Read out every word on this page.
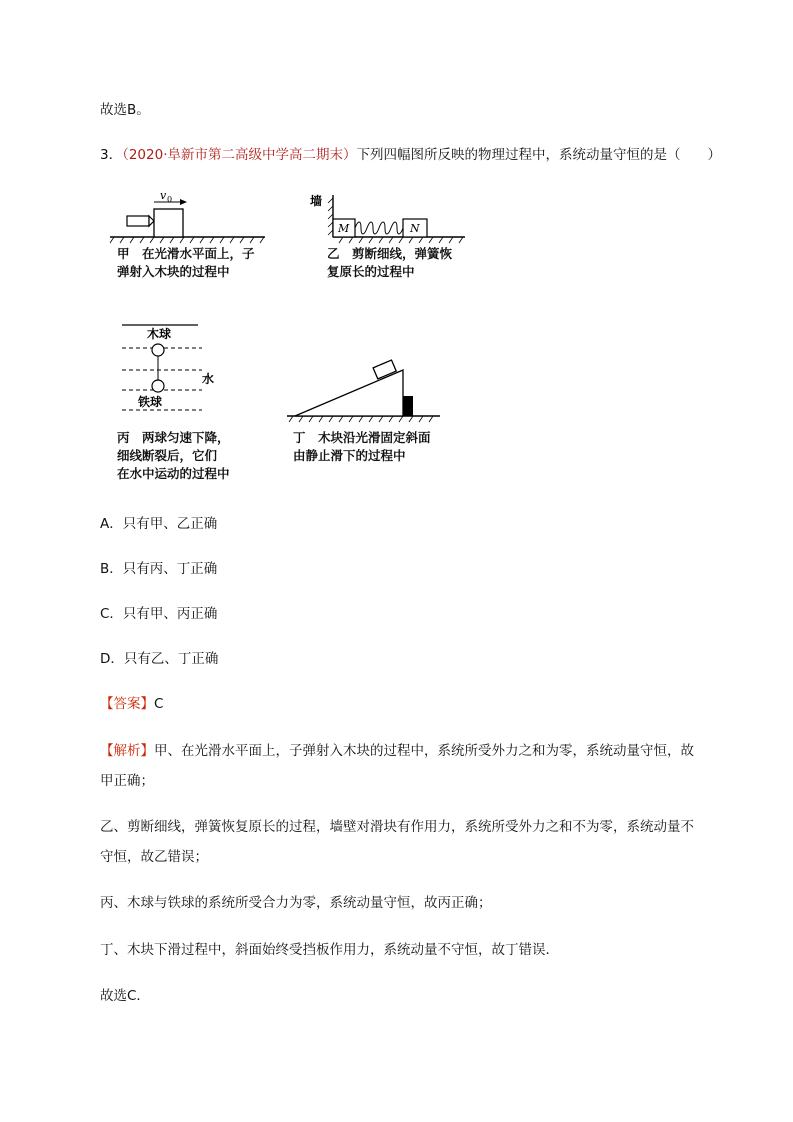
故选B。
3．（2020·阜新市第二高级中学高二期末）下列四幅图所反映的物理过程中，系统动量守恒的是（　　）
v 0
甲　在光滑水平面上，子
弹射入木块的过程中
墙
M	N
乙　剪断细线，弹簧恢
复原长的过程中
木球
水
铁球
丙　两球匀速下降，
细线断裂后，它们
在水中运动的过程中
丁　木块沿光滑固定斜面
由静止滑下的过程中
A．只有甲、乙正确
B．只有丙、丁正确
C．只有甲、丙正确
D．只有乙、丁正确
【答案】C
【解析】甲、在光滑水平面上，子弹射入木块的过程中，系统所受外力之和为零，系统动量守恒，故
甲正确；
乙、剪断细线，弹簧恢复原长的过程，墙壁对滑块有作用力，系统所受外力之和不为零，系统动量不
守恒，故乙错误；
丙、木球与铁球的系统所受合力为零，系统动量守恒，故丙正确；
丁、木块下滑过程中，斜面始终受挡板作用力，系统动量不守恒，故丁错误．
故选C．
